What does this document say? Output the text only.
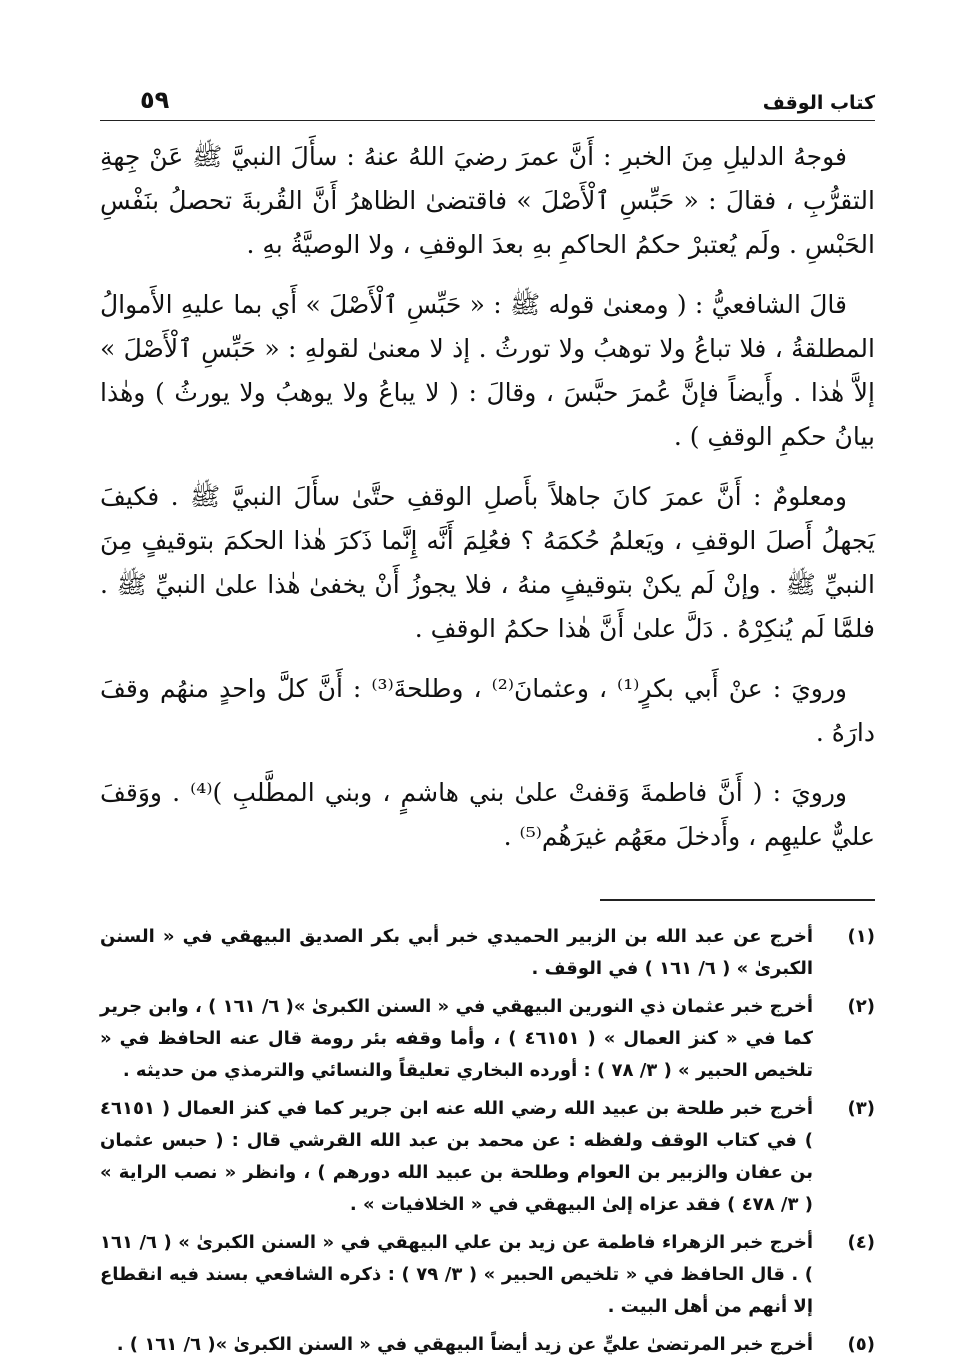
كتاب الوقف
٥٩

فوجهُ الدليلِ مِنَ الخبرِ : أَنَّ عمرَ رضيَ اللهُ عنهُ : سأَلَ النبيَّ ﷺ عَنْ جِهةِ التقرُّبِ ، فقالَ : « حَبِّسِ ٱلْأَصْلَ » فاقتضىٰ الظاهرُ أَنَّ القُربةَ تحصلُ بنَفْسِ الحَبْسِ . ولَم يُعتبرْ حكمُ الحاكمِ بهِ بعدَ الوقفِ ، ولا الوصيَّةُ بهِ .

قالَ الشافعيُّ : ( ومعنىٰ قوله ﷺ : « حَبِّسِ ٱلْأَصْلَ » أَي بما عليهِ الأَموالُ المطلقةُ ، فلا تباعُ ولا توهبُ ولا تورثُ . إذ لا معنىٰ لقولهِ : « حَبِّسِ ٱلْأَصْلَ » إلاَّ هٰذا . وأَيضاً فإنَّ عُمرَ حبَّسَ ، وقالَ : ( لا يباعُ ولا يوهبُ ولا يورثُ ) وهٰذا بيانُ حكمِ الوقفِ ) .

ومعلومٌ : أَنَّ عمرَ كانَ جاهلاً بأَصلِ الوقفِ حتَّىٰ سأَلَ النبيَّ ﷺ . فكيفَ يَجهلُ أَصلَ الوقفِ ، ويَعلمُ حُكمَهُ ؟ فعُلِمَ أَنَّه إِنَّما ذَكرَ هٰذا الحكمَ بتوقيفٍ مِنَ النبيِّ ﷺ . وإنْ لَم يكنْ بتوقيفٍ منهُ ، فلا يجوزُ أَنْ يخفىٰ هٰذا علىٰ النبيِّ ﷺ . فلمَّا لَم يُنكِرْهُ . دَلَّ علىٰ أَنَّ هٰذا حكمُ الوقفِ .

ورويَ : عنْ أَبي بكرٍ⁽¹⁾ ، وعثمانَ⁽²⁾ ، وطلحةَ⁽³⁾ : أَنَّ كلَّ واحدٍ منهُم وقفَ دارَهُ .

ورويَ : ( أَنَّ فاطمةَ وَقفتْ علىٰ بني هاشمٍ ، وبني المطَّلبِ )⁽⁴⁾ . ووَقفَ عليٌّ عليهِم ، وأَدخلَ معَهُم غيرَهُم⁽⁵⁾ .

(١)
أخرج عن عبد الله بن الزبير الحميدي خبر أبي بكر الصديق البيهقي في « السنن الكبرىٰ » ( ٦/ ١٦١ ) في الوقف .
(٢)
أخرج خبر عثمان ذي النورين البيهقي في « السنن الكبرىٰ »( ٦/ ١٦١ ) ، وابن جرير كما في « كنز العمال » ( ٤٦١٥١ ) ، وأما وقفه بئر رومة قال عنه الحافظ في « تلخيص الحبير » ( ٣/ ٧٨ ) : أورده البخاري تعليقاً والنسائي والترمذي من حديثه .
(٣)
أخرج خبر طلحة بن عبيد الله رضي الله عنه ابن جرير كما في كنز العمال ( ٤٦١٥١ ) في كتاب الوقف ولفظه : عن محمد بن عبد الله القرشي قال : ( حبس عثمان بن عفان والزبير بن العوام وطلحة بن عبيد الله دورهم ) ، وانظر « نصب الراية » ( ٣/ ٤٧٨ ) فقد عزاه إلىٰ البيهقي في « الخلافيات » .
(٤)
أخرج خبر الزهراء فاطمة عن زيد بن علي البيهقي في « السنن الكبرىٰ » ( ٦/ ١٦١ ) . قال الحافظ في « تلخيص الحبير » ( ٣/ ٧٩ ) : ذكره الشافعي بسند فيه انقطاع إلا أنهم من أهل البيت .
(٥)
أخرج خبر المرتضىٰ عليٍّ عن زيد أيضاً البيهقي في « السنن الكبرىٰ »( ٦/ ١٦١ ) .
